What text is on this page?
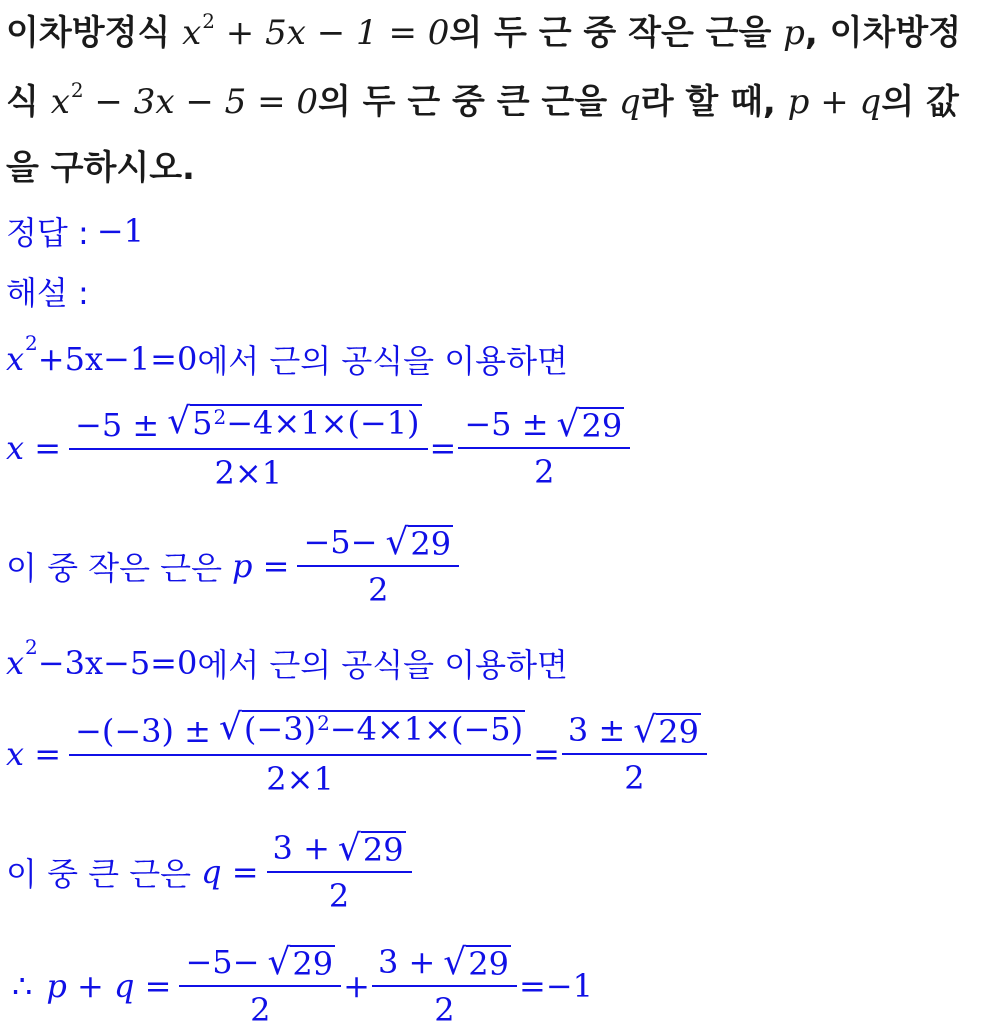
이차방정식 $x^2 + 5x - 1 = 0$의 두 근 중 작은 근을 p, 이차방정
식 $x^2 - 3x - 5 = 0$의 두 근 중 큰 근을 q라 할 때, p + q의 값
을 구하시오.
정답 : −1
해설 :
x 2 +5x−1=0 에서 근의 공식을 이용하면
$x = \frac{-5 \pm √ 5^2-4\times 1\times(-1)}{2\times 1} = \frac{-5 \pm √ 29}{2}$
이 중 작은 근은 $p = \frac{-5- √ 29}{2}$
x 2 −3x−5=0 에서 근의 공식을 이용하면
$x = \frac{-(-3) \pm √ (-3)^2-4\times 1\times(-5)}{2\times 1} = \frac{3 \pm √ 29}{2}$
이 중 큰 근은 $q = \frac{3 + √ 29}{2}$
∴ $p + q = \frac{-5- √ 29}{2} + \frac{3 + √ 29}{2} =-1$
